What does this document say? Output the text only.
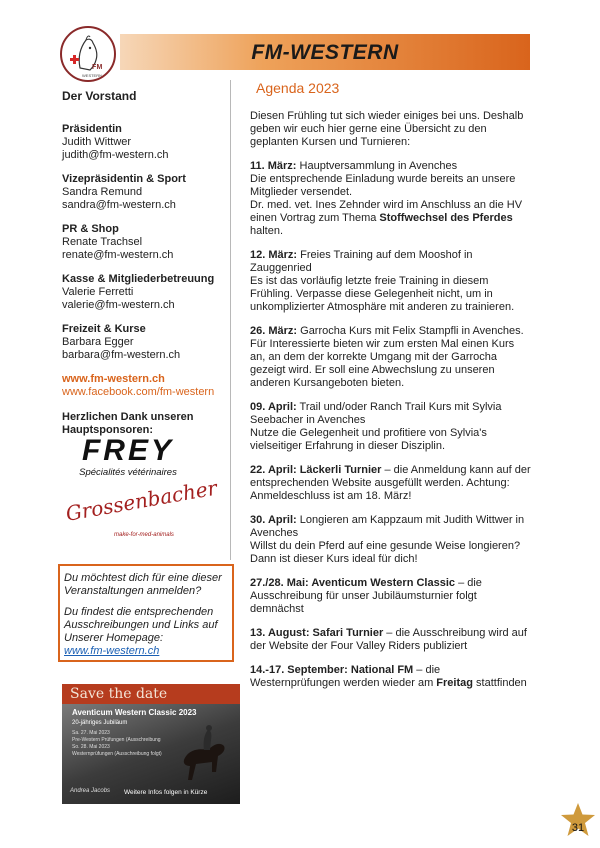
FM
WESTERN
FM-WESTERN
Der Vorstand
Präsidentin
Judith Wittwer
judith@fm-western.ch
Vizepräsidentin & Sport
Sandra Remund
sandra@fm-western.ch
PR & Shop
Renate Trachsel
renate@fm-western.ch
Kasse & Mitgliederbetreuung
Valerie Ferretti
valerie@fm-western.ch
Freizeit & Kurse
Barbara Egger
barbara@fm-western.ch
www.fm-western.ch
www.facebook.com/fm-western
Herzlichen Dank unseren Hauptsponsoren:
FREY
Spécialités vétérinaires
Grossenbacher
make-for-med-animals

Du möchtest dich für eine dieser Veranstaltungen anmelden?

Du findest die entsprechenden Ausschreibungen und Links auf Unserer Homepage:
www.fm-western.ch

Save the date
Aventicum Western Classic 2023
20-jähriges Jubiläum
Sa. 27. Mai 2023
Pre-Western Prüfungen (Ausschreibung
So. 28. Mai 2023
Westernprüfungen (Ausschreibung folgt)
Andrea Jacobs Weitere Infos folgen in Kürze
Agenda 2023

Diesen Frühling tut sich wieder einiges bei uns. Deshalb geben wir euch hier gerne eine Übersicht zu den geplanten Kursen und Turnieren:

11. März: Hauptversammlung in Avenches
Die entsprechende Einladung wurde bereits an unsere Mitglieder versendet.
Dr. med. vet. Ines Zehnder wird im Anschluss an die HV einen Vortrag zum Thema Stoffwechsel des Pferdes halten.

12. März: Freies Training auf dem Mooshof in Zauggenried
Es ist das vorläufig letzte freie Training in diesem Frühling. Verpasse diese Gelegenheit nicht, um in unkomplizierter Atmosphäre mit anderen zu trainieren.

26. März: Garrocha Kurs mit Felix Stampfli in Avenches.
Für Interessierte bieten wir zum ersten Mal einen Kurs an, an dem der korrekte Umgang mit der Garrocha gezeigt wird. Er soll eine Abwechslung zu unseren anderen Kursangeboten bieten.

09. April: Trail und/oder Ranch Trail Kurs mit Sylvia Seebacher in Avenches
Nutze die Gelegenheit und profitiere von Sylvia's vielseitiger Erfahrung in dieser Disziplin.

22. April: Läckerli Turnier – die Anmeldung kann auf der entsprechenden Website ausgefüllt werden. Achtung: Anmeldeschluss ist am 18. März!

30. April: Longieren am Kappzaum mit Judith Wittwer in Avenches
Willst du dein Pferd auf eine gesunde Weise longieren? Dann ist dieser Kurs ideal für dich!

27./28. Mai: Aventicum Western Classic – die Ausschreibung für unser Jubiläumsturnier folgt demnächst

13. August: Safari Turnier – die Ausschreibung wird auf der Website der Four Valley Riders publiziert

14.-17. September: National FM – die Westernprüfungen werden wieder am Freitag stattfinden

31
